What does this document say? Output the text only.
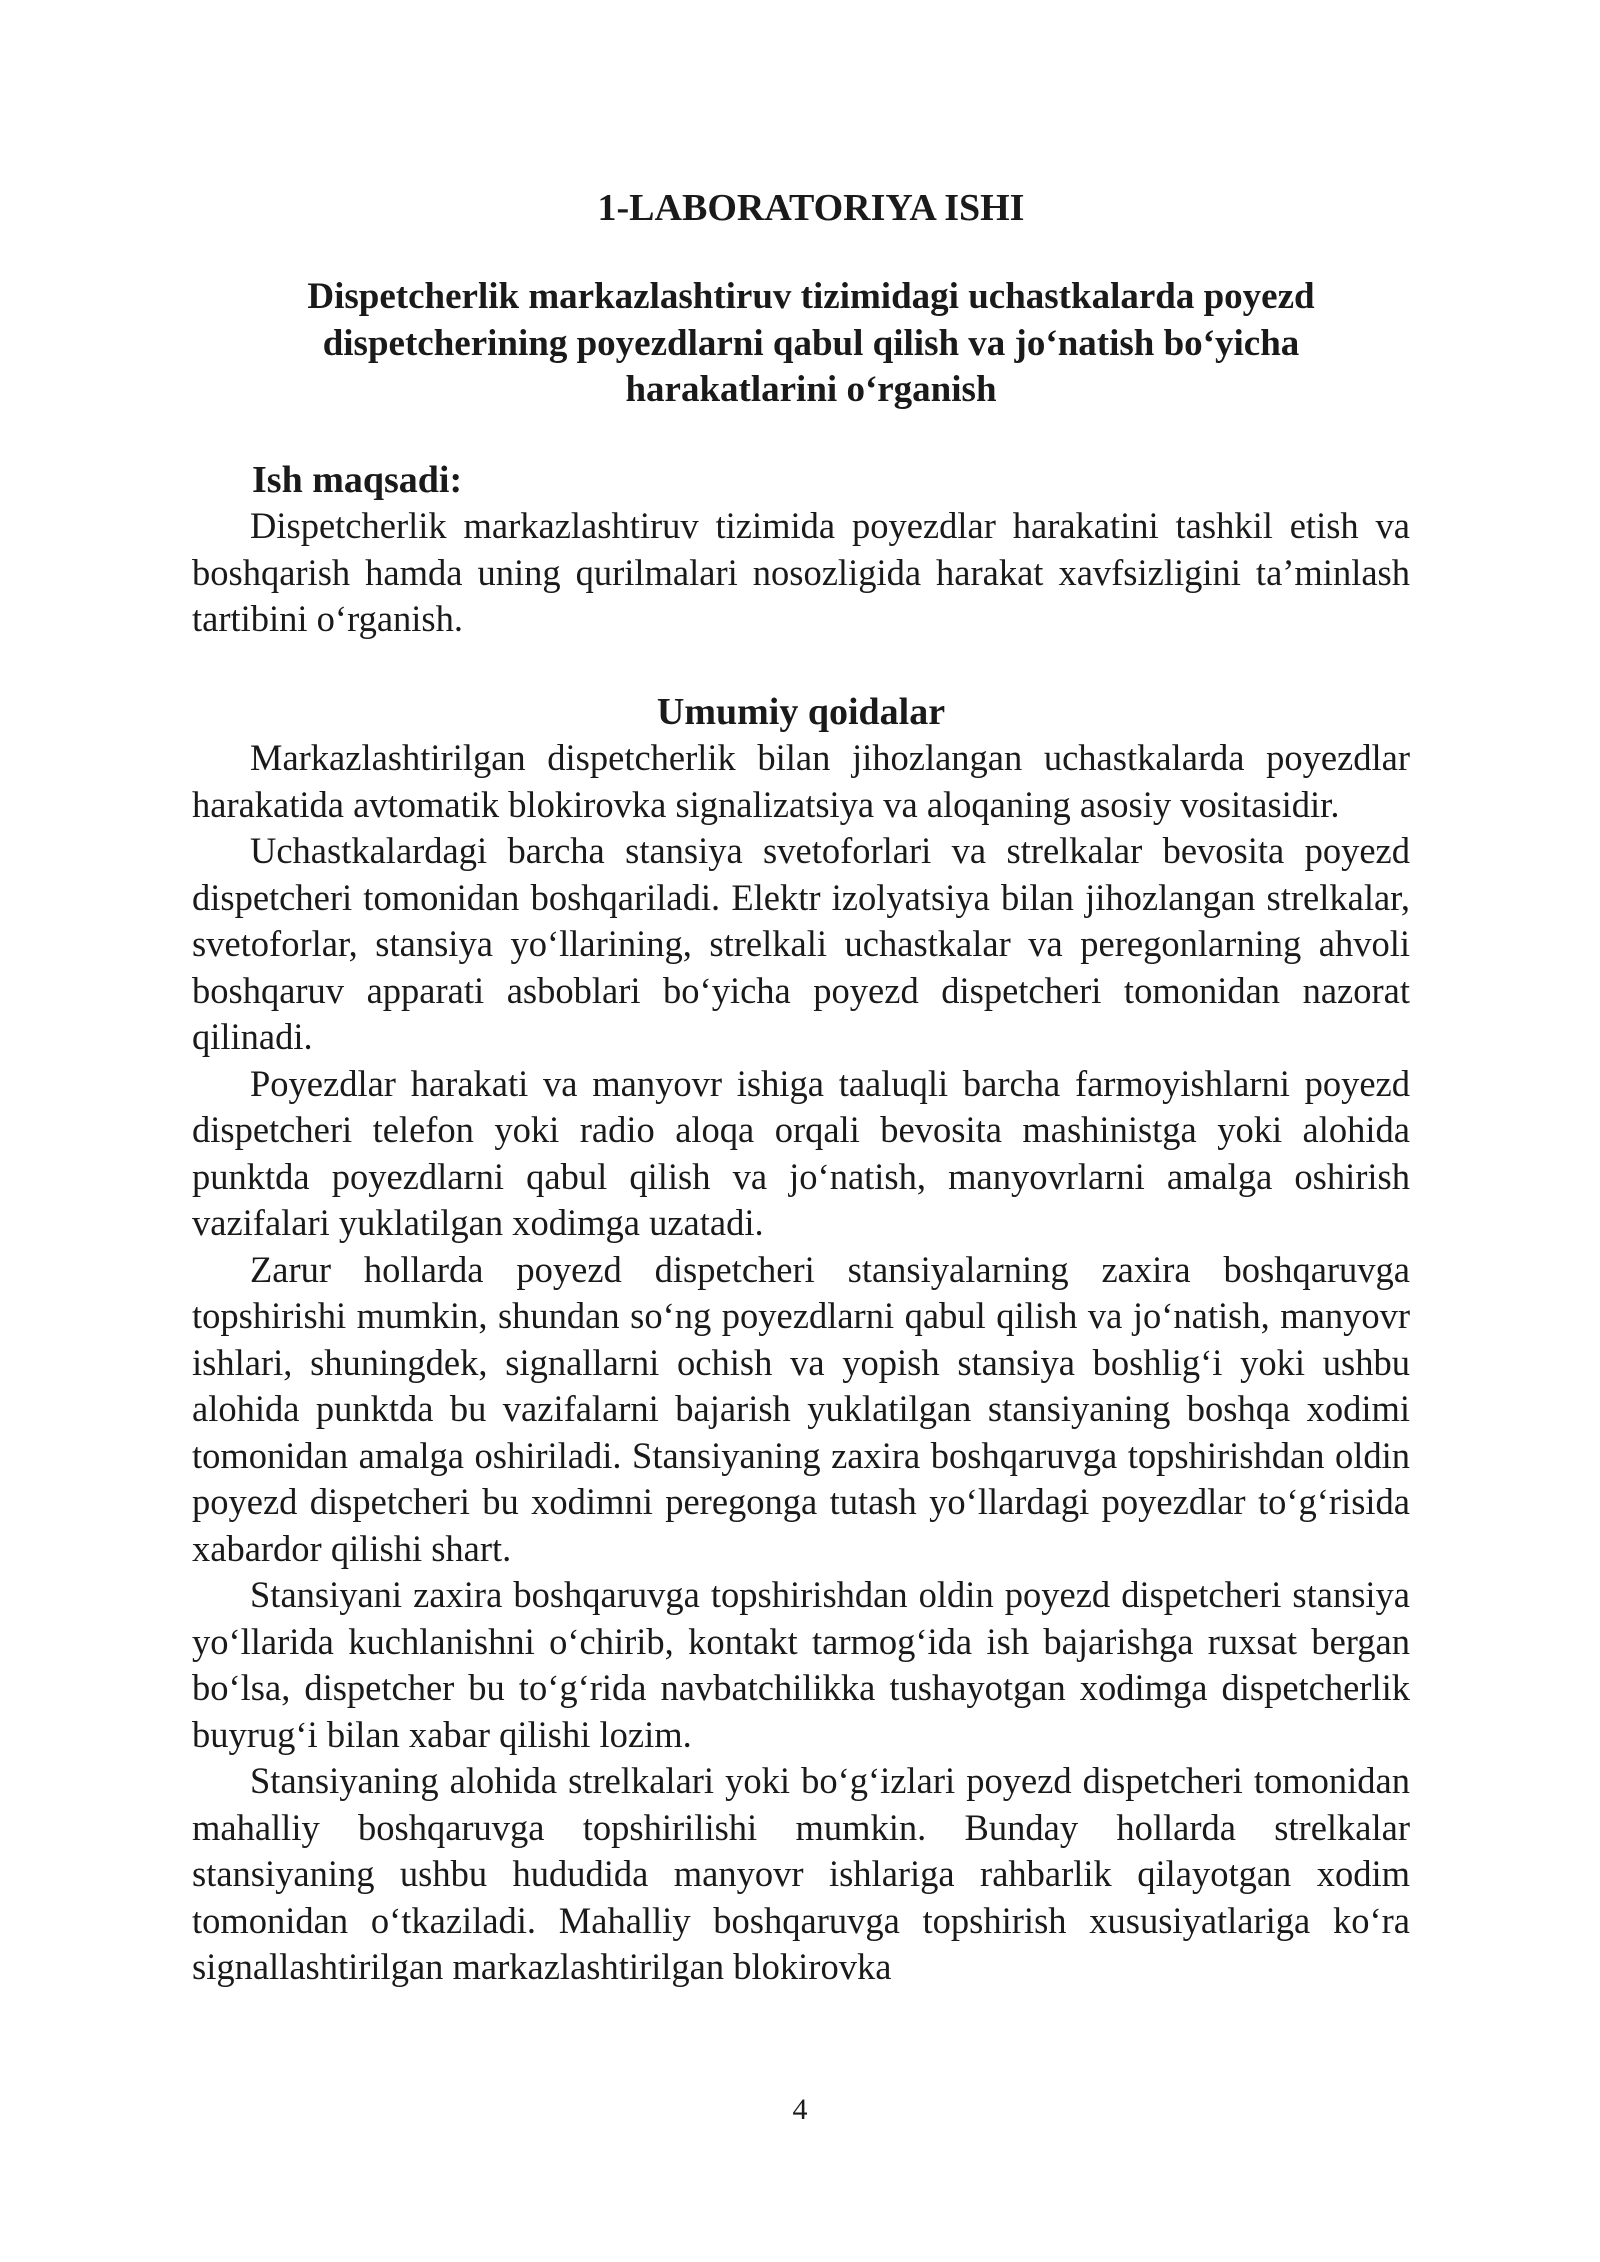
1-LABORATORIYA ISHI
Dispetcherlik markazlashtiruv tizimidagi uchastkalarda poyezd dispetcherining poyezdlarni qabul qilish va jo‘natish bo‘yicha harakatlarini o‘rganish
Ish maqsadi:

Dispetcherlik markazlashtiruv tizimida poyezdlar harakatini tashkil etish va boshqarish hamda uning qurilmalari nosozligida harakat xavfsizligini ta’minlash tartibini o‘rganish.

Umumiy qoidalar

Markazlashtirilgan dispetcherlik bilan jihozlangan uchastkalarda poyezdlar harakatida avtomatik blokirovka signalizatsiya va aloqaning asosiy vositasidir.

Uchastkalardagi barcha stansiya svetoforlari va strelkalar bevosita poyezd dispetcheri tomonidan boshqariladi. Elektr izolyatsiya bilan jihozlangan strelkalar, svetoforlar, stansiya yo‘llarining, strelkali uchastkalar va peregonlarning ahvoli boshqaruv apparati asboblari bo‘yicha poyezd dispetcheri tomonidan nazorat qilinadi.

Poyezdlar harakati va manyovr ishiga taaluqli barcha farmoyishlarni poyezd dispetcheri telefon yoki radio aloqa orqali bevosita mashinistga yoki alohida punktda poyezdlarni qabul qilish va jo‘natish, manyovrlarni amalga oshirish vazifalari yuklatilgan xodimga uzatadi.

Zarur hollarda poyezd dispetcheri stansiyalarning zaxira boshqaruvga topshirishi mumkin, shundan so‘ng poyezdlarni qabul qilish va jo‘natish, manyovr ishlari, shuningdek, signallarni ochish va yopish stansiya boshlig‘i yoki ushbu alohida punktda bu vazifalarni bajarish yuklatilgan stansiyaning boshqa xodimi tomonidan amalga oshiriladi. Stansiyaning zaxira boshqaruvga topshirishdan oldin poyezd dispetcheri bu xodimni peregonga tutash yo‘llardagi poyezdlar to‘g‘risida xabardor qilishi shart.

Stansiyani zaxira boshqaruvga topshirishdan oldin poyezd dispetcheri stansiya yo‘llarida kuchlanishni o‘chirib, kontakt tarmog‘ida ish bajarishga ruxsat bergan bo‘lsa, dispetcher bu to‘g‘rida navbatchilikka tushayotgan xodimga dispetcherlik buyrug‘i bilan xabar qilishi lozim.

Stansiyaning alohida strelkalari yoki bo‘g‘izlari poyezd dispetcheri tomonidan mahalliy boshqaruvga topshirilishi mumkin. Bunday hollarda strelkalar stansiyaning ushbu hududida manyovr ishlariga rahbarlik qilayotgan xodim tomonidan o‘tkaziladi. Mahalliy boshqaruvga topshirish xususiyatlariga ko‘ra signallashtirilgan markazlashtirilgan blokirovka

4
